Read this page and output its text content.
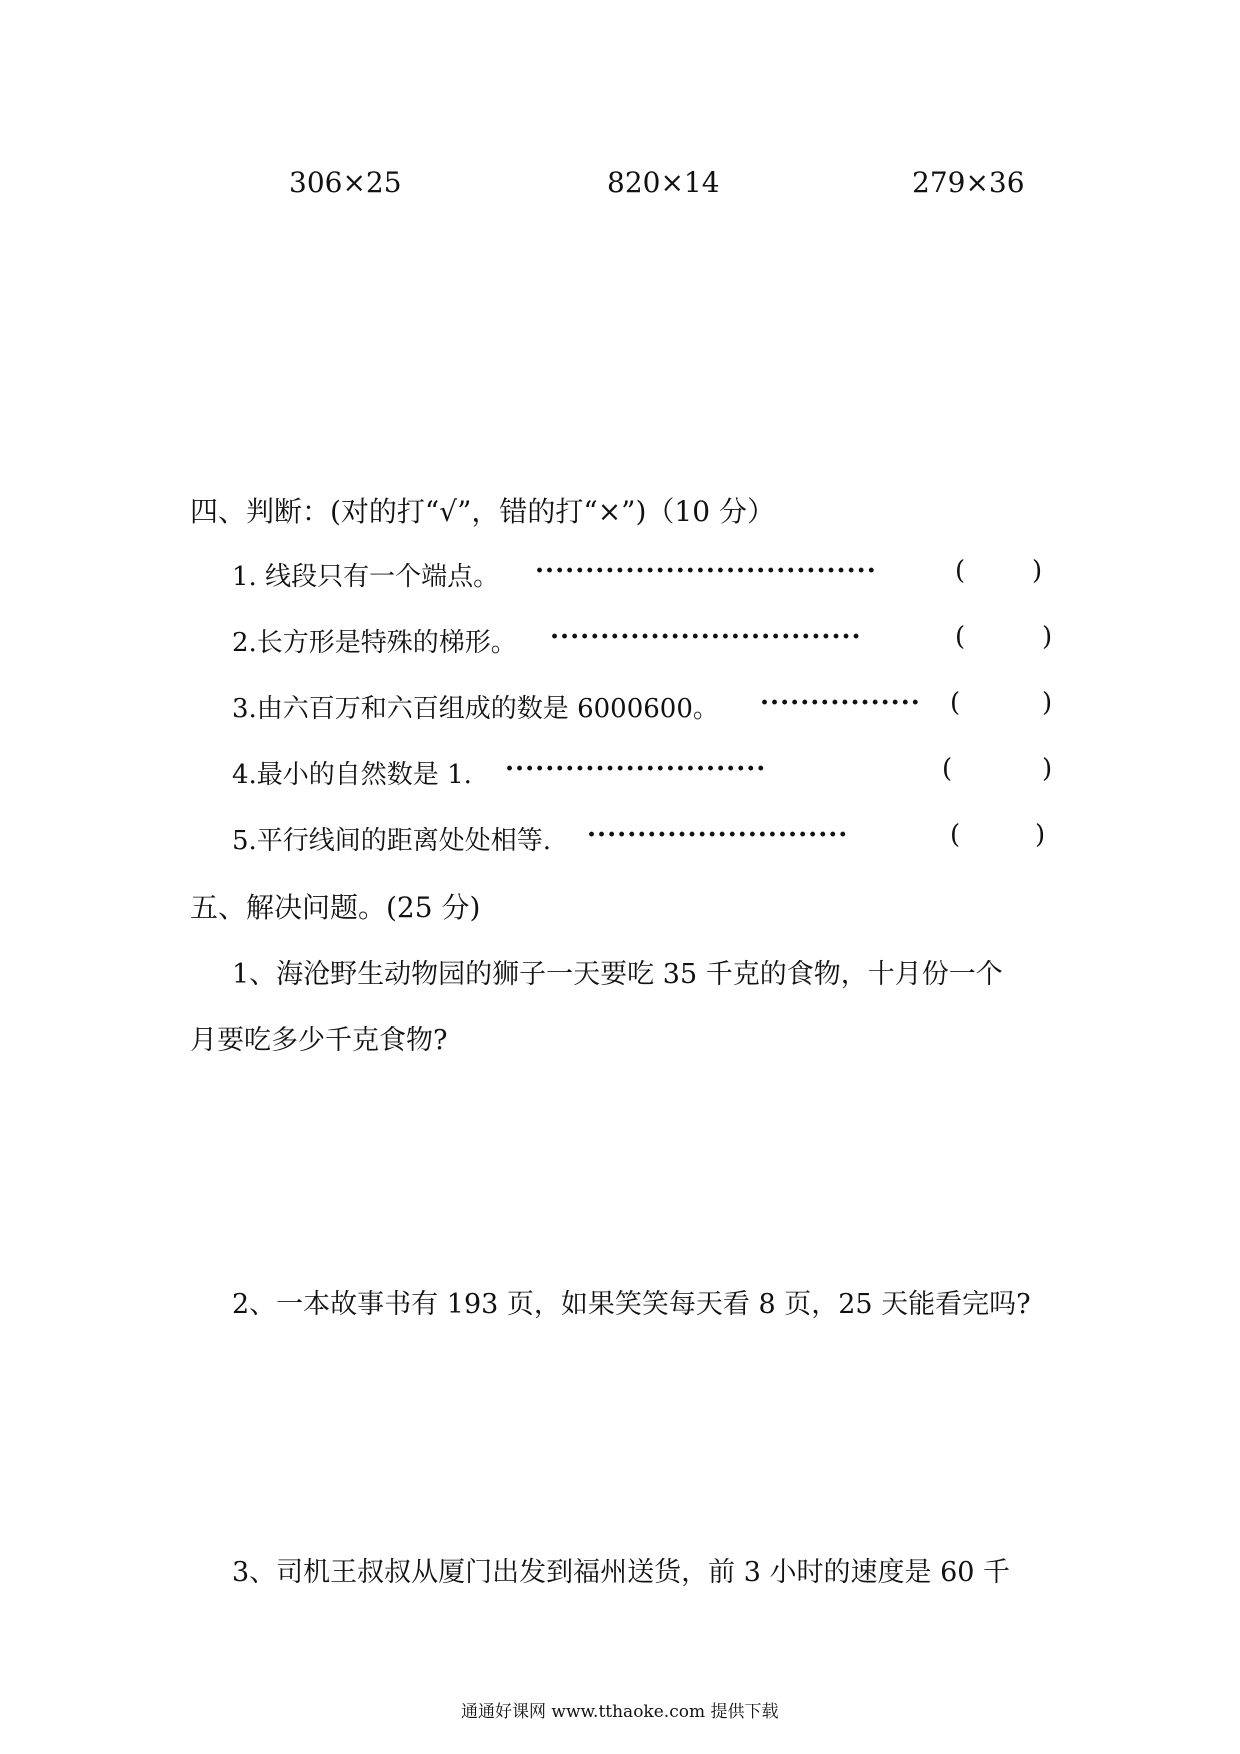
306×25	820×14	279×36
四、判断：(对的打“√”，错的打“×”)（10 分）
1. 线段只有一个端点。 ··································	(	)
2.长方形是特殊的梯形。 ·······························	(	)
3.由六百万和六百组成的数是 6000600。 ················ (	)
4.最小的自然数是 1. ··························	(	)
5.平行线间的距离处处相等. ··························	(	)
五、解决问题。(25 分)
1、海沧野生动物园的狮子一天要吃 35 千克的食物，十月份一个
月要吃多少千克食物?
2、一本故事书有 193 页，如果笑笑每天看 8 页，25 天能看完吗?
3、司机王叔叔从厦门出发到福州送货，前 3 小时的速度是 60 千
通通好课网 www.tthaoke.com 提供下载
